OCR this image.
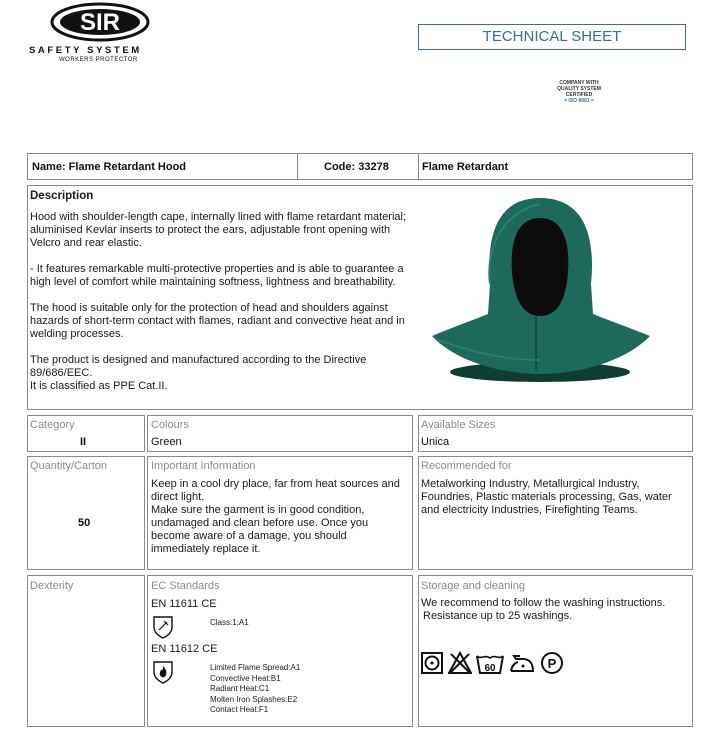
SIR
SAFETY SYSTEM
WORKERS PROTECTOR
TECHNICAL SHEET
COMPANY WITH
QUALITY SYSTEM
CERTIFIED
= ISO 9001 =
Name: Flame Retardant Hood	Code: 33278	Flame Retardant

Description

Hood with shoulder-length cape, internally lined with flame retardant material; aluminised Kevlar inserts to protect the ears, adjustable front opening with Velcro and rear elastic.

- It features remarkable multi-protective properties and is able to guarantee a high level of comfort while maintaining softness, lightness and breathability.

The hood is suitable only for the protection of head and shoulders against hazards of short-term contact with flames, radiant and convective heat and in welding processes.

The product is designed and manufactured according to the Directive 89/686/EEC.

It is classified as PPE Cat.II.

Category
II
Colours
Green
Available Sizes
Unica
Quantity/Carton
50
Important Information

Keep in a cool dry place, far from heat sources and direct light.

Make sure the garment is in good condition, undamaged and clean before use. Once you become aware of a damage, you should immediately replace it.

Recommended for
Metalworking Industry, Metallurgical Industry, Foundries, Plastic materials processing, Gas, water and electricity Industries, Firefighting Teams.
Dexterity	EC Standards
EN 11611 CE
Class:1;A1
EN 11612 CE
Limited Flame Spread:A1
Convective Heat:B1
Radiant Heat:C1
Molten Iron Splashes:E2
Contact Heat:F1
Storage and cleaning

We recommend to follow the washing instructions.

Resistance up to 25 washings.

60	P
